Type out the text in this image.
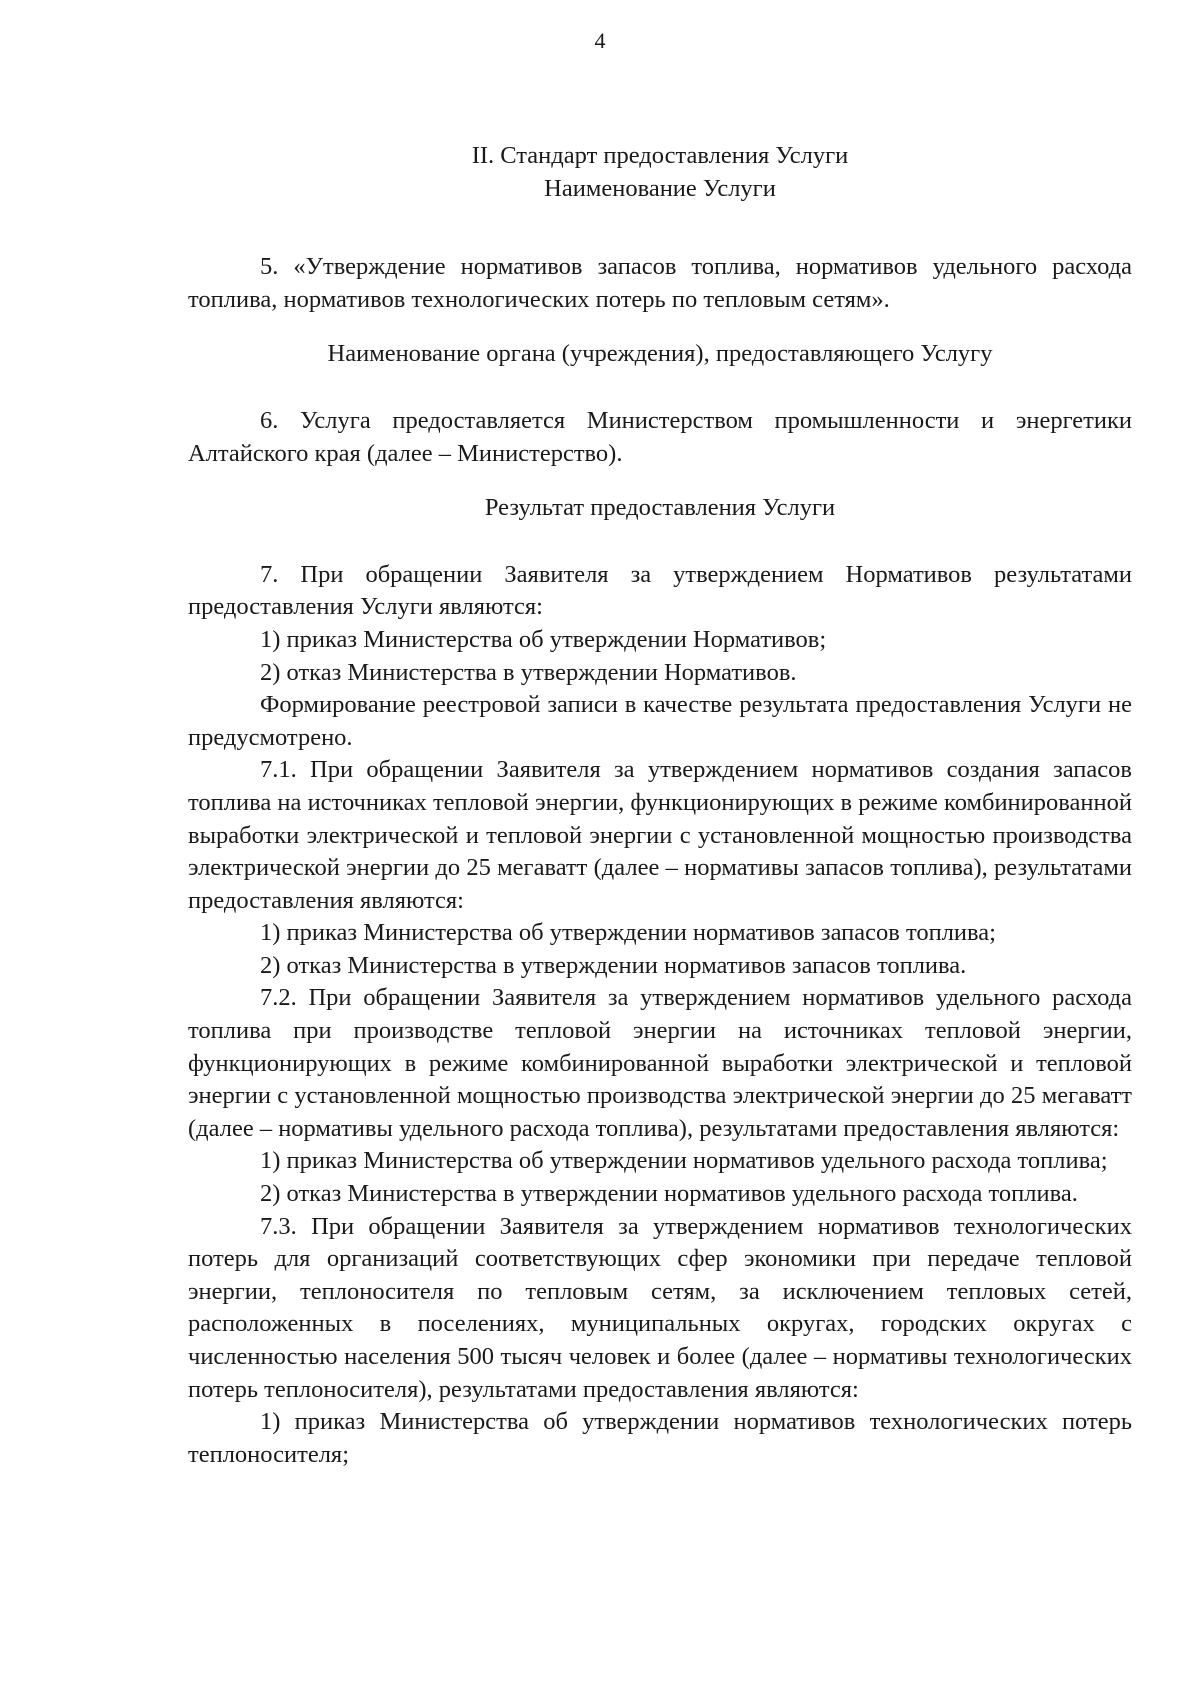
4

II. Стандарт предоставления Услуги

Наименование Услуги

5. «Утверждение нормативов запасов топлива, нормативов удельного расхода топлива, нормативов технологических потерь по тепловым сетям».

Наименование органа (учреждения), предоставляющего Услугу

6. Услуга предоставляется Министерством промышленности и энергетики Алтайского края (далее – Министерство).

Результат предоставления Услуги

7. При обращении Заявителя за утверждением Нормативов результатами предоставления Услуги являются:

1) приказ Министерства об утверждении Нормативов;

2) отказ Министерства в утверждении Нормативов.

Формирование реестровой записи в качестве результата предоставления Услуги не предусмотрено.

7.1. При обращении Заявителя за утверждением нормативов создания запасов топлива на источниках тепловой энергии, функционирующих в режиме комбинированной выработки электрической и тепловой энергии с установленной мощностью производства электрической энергии до 25 мегаватт (далее – нормативы запасов топлива), результатами предоставления являются:

1) приказ Министерства об утверждении нормативов запасов топлива;

2) отказ Министерства в утверждении нормативов запасов топлива.

7.2. При обращении Заявителя за утверждением нормативов удельного расхода топлива при производстве тепловой энергии на источниках тепловой энергии, функционирующих в режиме комбинированной выработки электрической и тепловой энергии с установленной мощностью производства электрической энергии до 25 мегаватт (далее – нормативы удельного расхода топлива), результатами предоставления являются:

1) приказ Министерства об утверждении нормативов удельного расхода топлива;

2) отказ Министерства в утверждении нормативов удельного расхода топлива.

7.3. При обращении Заявителя за утверждением нормативов технологических потерь для организаций соответствующих сфер экономики при передаче тепловой энергии, теплоносителя по тепловым сетям, за исключением тепловых сетей, расположенных в поселениях, муниципальных округах, городских округах с численностью населения 500 тысяч человек и более (далее – нормативы технологических потерь теплоносителя), результатами предоставления являются:

1) приказ Министерства об утверждении нормативов технологических потерь теплоносителя;
